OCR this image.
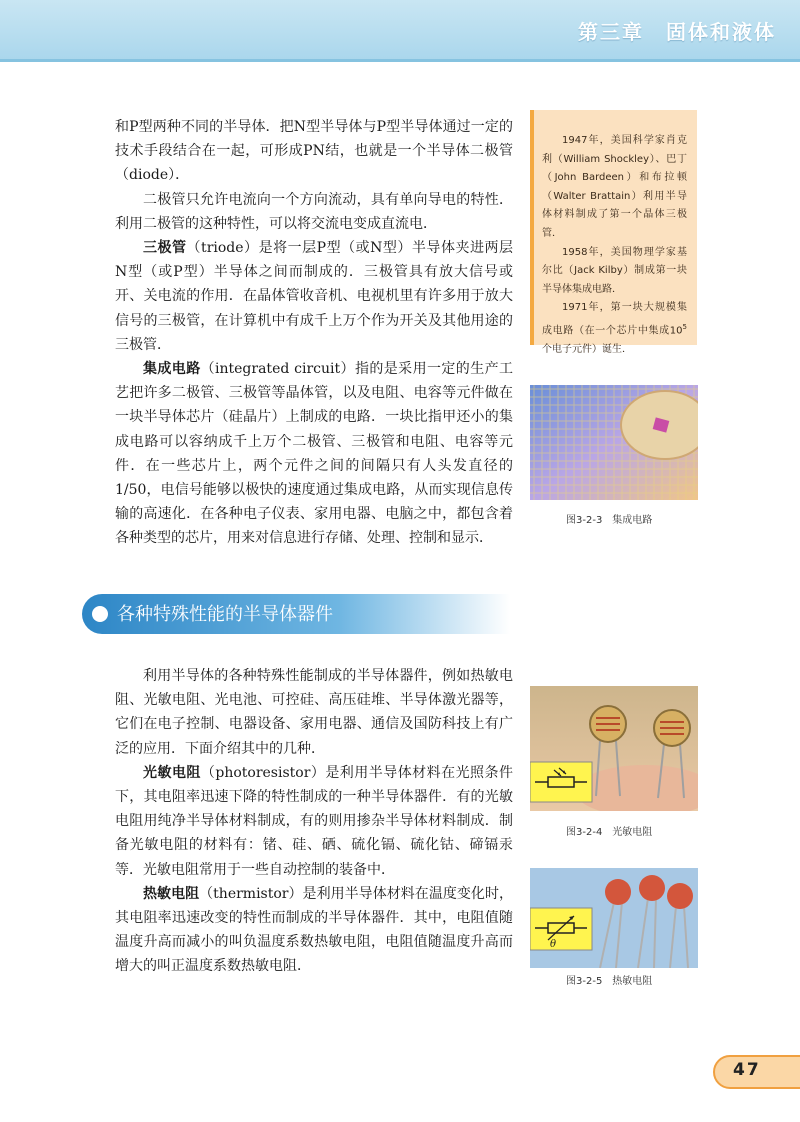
第三章　固体和液体

和P型两种不同的半导体．把N型半导体与P型半导体通过一定的技术手段结合在一起，可形成PN结，也就是一个半导体二极管（diode）．

二极管只允许电流向一个方向流动，具有单向导电的特性．利用二极管的这种特性，可以将交流电变成直流电．

三极管（triode）是将一层P型（或N型）半导体夹进两层N型（或P型）半导体之间而制成的．三极管具有放大信号或开、关电流的作用．在晶体管收音机、电视机里有许多用于放大信号的三极管，在计算机中有成千上万个作为开关及其他用途的三极管．

集成电路（integrated circuit）指的是采用一定的生产工艺把许多二极管、三极管等晶体管，以及电阻、电容等元件做在一块半导体芯片（硅晶片）上制成的电路．一块比指甲还小的集成电路可以容纳成千上万个二极管、三极管和电阻、电容等元件．在一些芯片上，两个元件之间的间隔只有人头发直径的1/50，电信号能够以极快的速度通过集成电路，从而实现信息传输的高速化．在各种电子仪表、家用电器、电脑之中，都包含着各种类型的芯片，用来对信息进行存储、处理、控制和显示．

1947年，美国科学家肖克利（William Shockley）、巴丁（John Bardeen）和布拉顿（Walter Brattain）利用半导体材料制成了第一个晶体三极管．

1958年，美国物理学家基尔比（Jack Kilby）制成第一块半导体集成电路．

1971年，第一块大规模集成电路（在一个芯片中集成$10^5$个电子元件）诞生．

图3-2-3　集成电路
各种特殊性能的半导体器件

利用半导体的各种特殊性能制成的半导体器件，例如热敏电阻、光敏电阻、光电池、可控硅、高压硅堆、半导体激光器等，它们在电子控制、电器设备、家用电器、通信及国防科技上有广泛的应用．下面介绍其中的几种．

光敏电阻（photoresistor）是利用半导体材料在光照条件下，其电阻率迅速下降的特性制成的一种半导体器件．有的光敏电阻用纯净半导体材料制成，有的则用掺杂半导体材料制成．制备光敏电阻的材料有：锗、硅、硒、硫化镉、硫化钴、碲镉汞等．光敏电阻常用于一些自动控制的装备中．

热敏电阻（thermistor）是利用半导体材料在温度变化时，其电阻率迅速改变的特性而制成的半导体器件．其中，电阻值随温度升高而减小的叫负温度系数热敏电阻，电阻值随温度升高而增大的叫正温度系数热敏电阻．

图3-2-4　光敏电阻
θ
图3-2-5　热敏电阻
47
